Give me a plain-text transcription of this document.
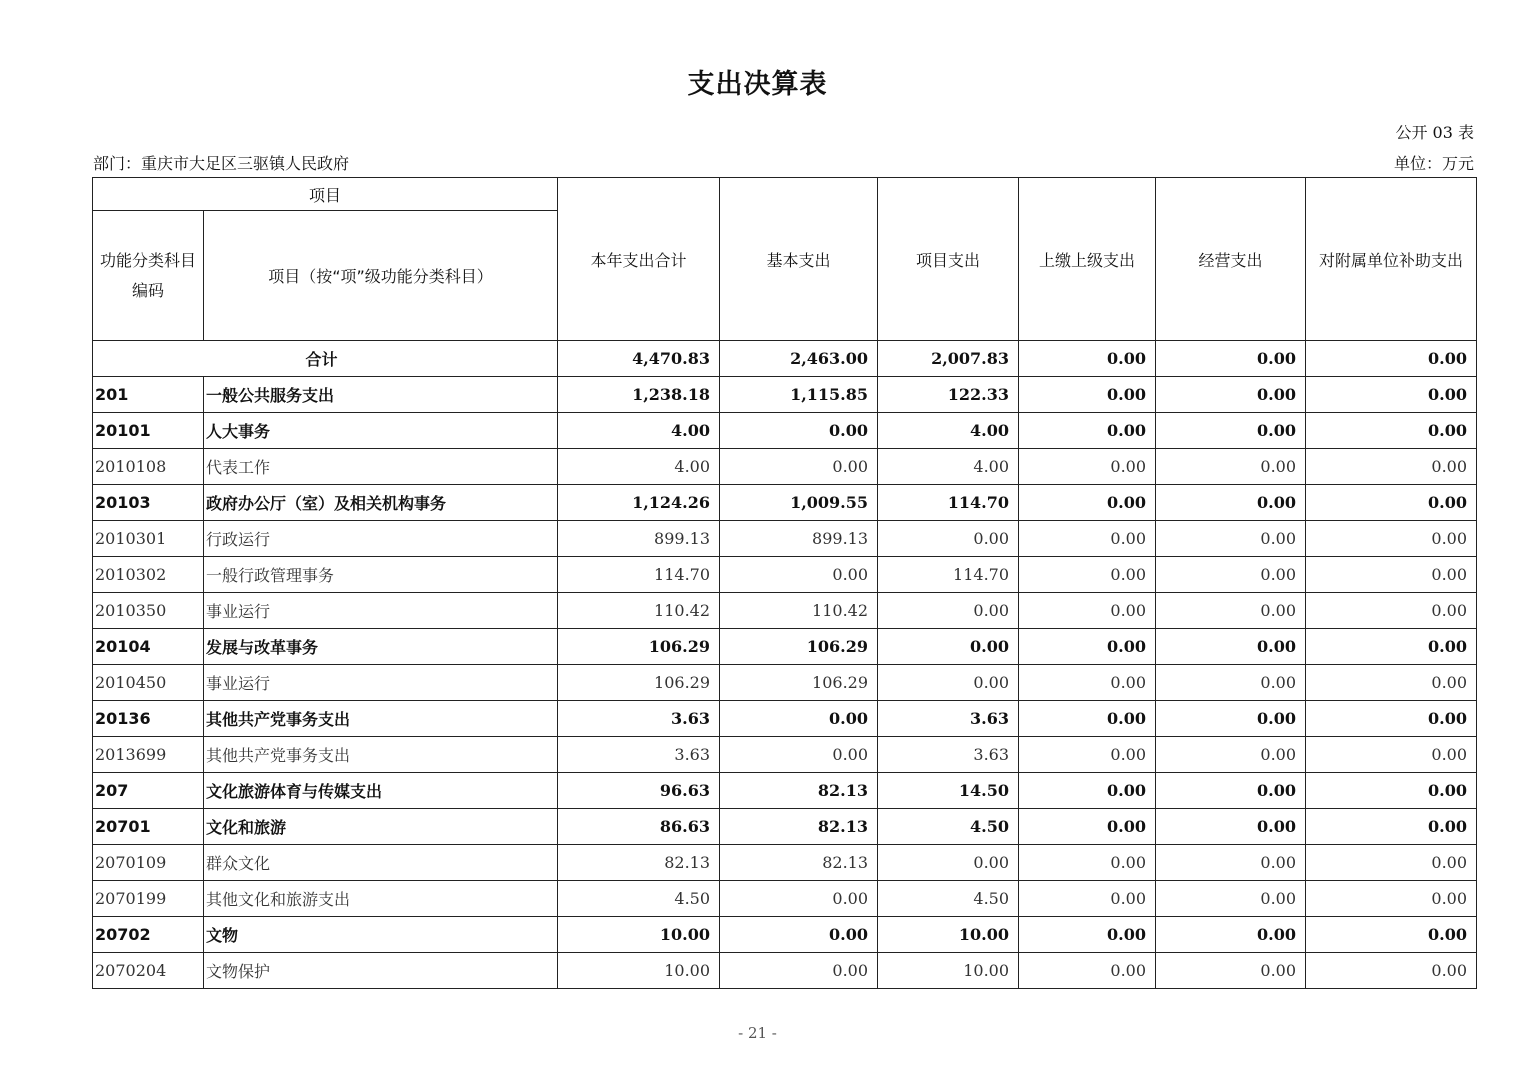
支出决算表
公开 03 表
部门：重庆市大足区三驱镇人民政府	单位：万元
项目		本年支出合计	基本支出	项目支出	上缴上级支出	经营支出	对附属单位补助支出
功能分类科目编码	项目（按“项”级功能分类科目）						
合计		4,470.83	2,463.00	2,007.83	0.00	0.00	0.00
201	一般公共服务支出	1,238.18	1,115.85	122.33	0.00	0.00	0.00
20101	人大事务	4.00	0.00	4.00	0.00	0.00	0.00
2010108	代表工作	4.00	0.00	4.00	0.00	0.00	0.00
20103	政府办公厅（室）及相关机构事务	1,124.26	1,009.55	114.70	0.00	0.00	0.00
2010301	行政运行	899.13	899.13	0.00	0.00	0.00	0.00
2010302	一般行政管理事务	114.70	0.00	114.70	0.00	0.00	0.00
2010350	事业运行	110.42	110.42	0.00	0.00	0.00	0.00
20104	发展与改革事务	106.29	106.29	0.00	0.00	0.00	0.00
2010450	事业运行	106.29	106.29	0.00	0.00	0.00	0.00
20136	其他共产党事务支出	3.63	0.00	3.63	0.00	0.00	0.00
2013699	其他共产党事务支出	3.63	0.00	3.63	0.00	0.00	0.00
207	文化旅游体育与传媒支出	96.63	82.13	14.50	0.00	0.00	0.00
20701	文化和旅游	86.63	82.13	4.50	0.00	0.00	0.00
2070109	群众文化	82.13	82.13	0.00	0.00	0.00	0.00
2070199	其他文化和旅游支出	4.50	0.00	4.50	0.00	0.00	0.00
20702	文物	10.00	0.00	10.00	0.00	0.00	0.00
2070204	文物保护	10.00	0.00	10.00	0.00	0.00	0.00
- 21 -
